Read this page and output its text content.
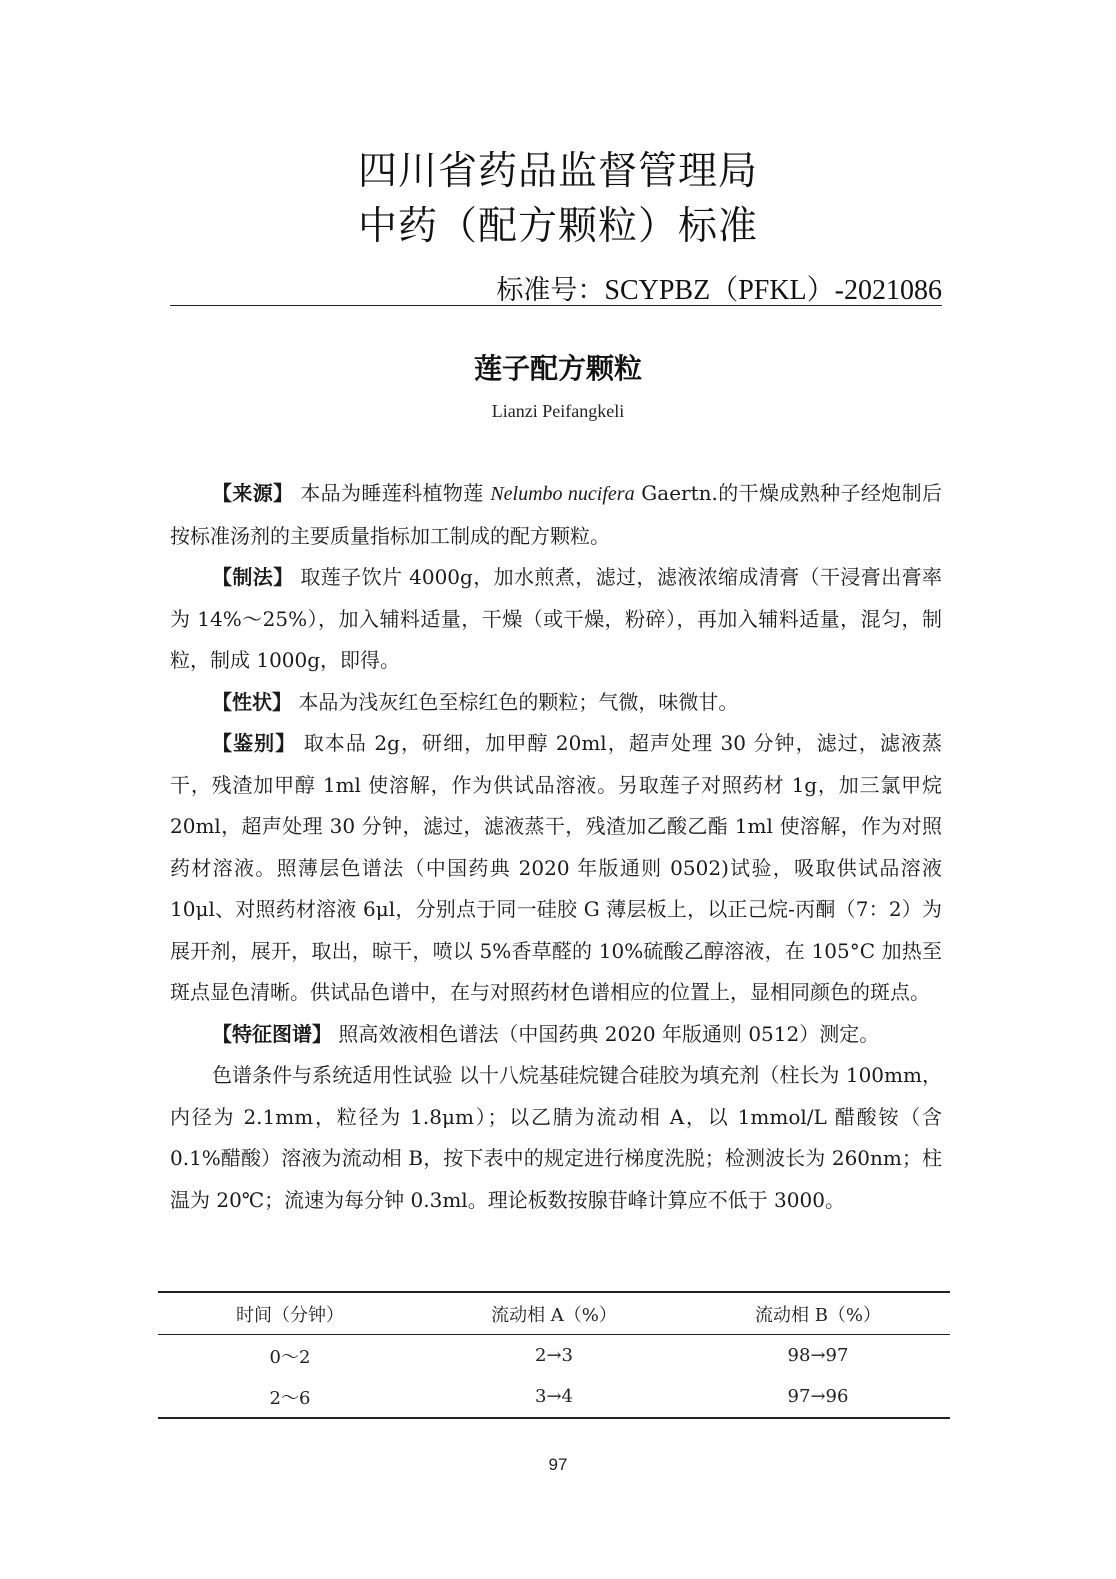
四川省药品监督管理局
中药（配方颗粒）标准
标准号：SCYPBZ（PFKL）-2021086
莲子配方颗粒
Lianzi Peifangkeli

【来源】 本品为睡莲科植物莲 Nelumbo nucifera Gaertn.的干燥成熟种子经炮制后按标准汤剂的主要质量指标加工制成的配方颗粒。

【制法】 取莲子饮片 4000g，加水煎煮，滤过，滤液浓缩成清膏（干浸膏出膏率为 14%～25%），加入辅料适量，干燥（或干燥，粉碎），再加入辅料适量，混匀，制粒，制成 1000g，即得。

【性状】 本品为浅灰红色至棕红色的颗粒；气微，味微甘。

【鉴别】 取本品 2g，研细，加甲醇 20ml，超声处理 30 分钟，滤过，滤液蒸干，残渣加甲醇 1ml 使溶解，作为供试品溶液。另取莲子对照药材 1g，加三氯甲烷 20ml，超声处理 30 分钟，滤过，滤液蒸干，残渣加乙酸乙酯 1ml 使溶解，作为对照药材溶液。照薄层色谱法（中国药典 2020 年版通则 0502)试验，吸取供试品溶液 10μl、对照药材溶液 6μl，分别点于同一硅胶 G 薄层板上，以正己烷-丙酮（7：2）为展开剂，展开，取出，晾干，喷以 5%香草醛的 10%硫酸乙醇溶液，在 105°C 加热至斑点显色清晰。供试品色谱中，在与对照药材色谱相应的位置上，显相同颜色的斑点。

【特征图谱】 照高效液相色谱法（中国药典 2020 年版通则 0512）测定。

色谱条件与系统适用性试验 以十八烷基硅烷键合硅胶为填充剂（柱长为 100mm，内径为 2.1mm，粒径为 1.8μm）；以乙腈为流动相 A，以 1mmol/L 醋酸铵（含 0.1%醋酸）溶液为流动相 B，按下表中的规定进行梯度洗脱；检测波长为 260nm；柱温为 20℃；流速为每分钟 0.3ml。理论板数按腺苷峰计算应不低于 3000。

时间（分钟）	流动相 A（%）	流动相 B（%）
0～2	2→3	98→97
2～6	3→4	97→96
97
